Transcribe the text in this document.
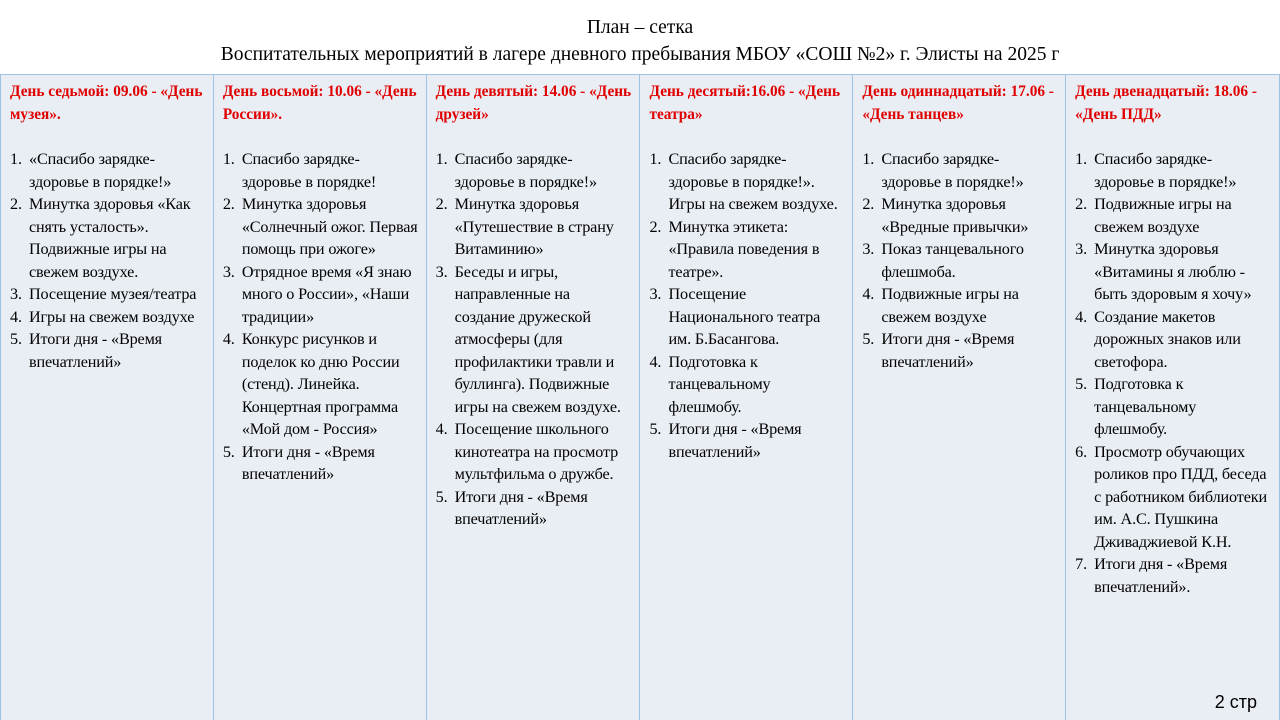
План – сетка
Воспитательных мероприятий в лагере дневного пребывания МБОУ «СОШ №2» г. Элисты на 2025 г
День седьмой: 09.06 - «День музея».
1. «Спасибо зарядке- здоровье в порядке!»
2. Минутка здоровья «Как снять усталость». Подвижные игры на свежем воздухе.
3. Посещение музея/театра
4. Игры на свежем воздухе
5. Итоги дня - «Время впечатлений»
День восьмой: 10.06 - «День России».
1. Спасибо зарядке- здоровье в порядке!
2. Минутка здоровья «Солнечный ожог. Первая помощь при ожоге»
3. Отрядное время «Я знаю много о России», «Наши традиции»
4. Конкурс рисунков и поделок ко дню России (стенд). Линейка. Концертная программа «Мой дом - Россия»
5. Итоги дня - «Время впечатлений»
День девятый: 14.06 - «День друзей»
1. Спасибо зарядке- здоровье в порядке!»
2. Минутка здоровья «Путешествие в страну Витаминию»
3. Беседы и игры, направленные на создание дружеской атмосферы (для профилактики травли и буллинга). Подвижные игры на свежем воздухе.
4. Посещение школьного кинотеатра на просмотр мультфильма о дружбе.
5. Итоги дня - «Время впечатлений»
День десятый:16.06 - «День театра»
1. Спасибо зарядке- здоровье в порядке!». Игры на свежем воздухе.
2. Минутка этикета: «Правила поведения в театре».
3. Посещение Национального театра им. Б.Басангова.
4. Подготовка к танцевальному флешмобу.
5. Итоги дня - «Время впечатлений»
День одиннадцатый: 17.06 - «День танцев»
1. Спасибо зарядке- здоровье в порядке!»
2. Минутка здоровья «Вредные привычки»
3. Показ танцевального флешмоба.
4. Подвижные игры на свежем воздухе
5. Итоги дня - «Время впечатлений»
День двенадцатый: 18.06 - «День ПДД»
1. Спасибо зарядке- здоровье в порядке!»
2. Подвижные игры на свежем воздухе
3. Минутка здоровья «Витамины я люблю - быть здоровым я хочу»
4. Создание макетов дорожных знаков или светофора.
5. Подготовка к танцевальному флешмобу.
6. Просмотр обучающих роликов про ПДД, беседа с работником библиотеки им. А.С. Пушкина Дживаджиевой К.Н.
7. Итоги дня - «Время впечатлений».
2 стр
